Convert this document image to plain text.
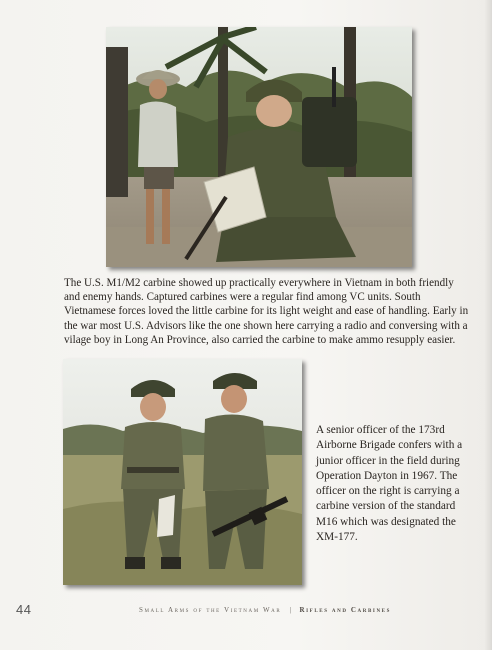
The U.S. M1/M2 carbine showed up practically everywhere in Vietnam in both friendly and enemy hands. Captured carbines were a regular find among VC units. South Vietnamese forces loved the little carbine for its light weight and ease of handling. Early in the war most U.S. Advisors like the one shown here carrying a radio and conversing with a vilage boy in Long An Province, also carried the carbine to make ammo resupply easier.

A senior officer of the 173rd Airborne Brigade confers with a junior officer in the field during Operation Dayton in 1967. The officer on the right is carrying a carbine version of the standard M16 which was designated the XM-177.

44	Small Arms of the Vietnam War | Rifles and Carbines
